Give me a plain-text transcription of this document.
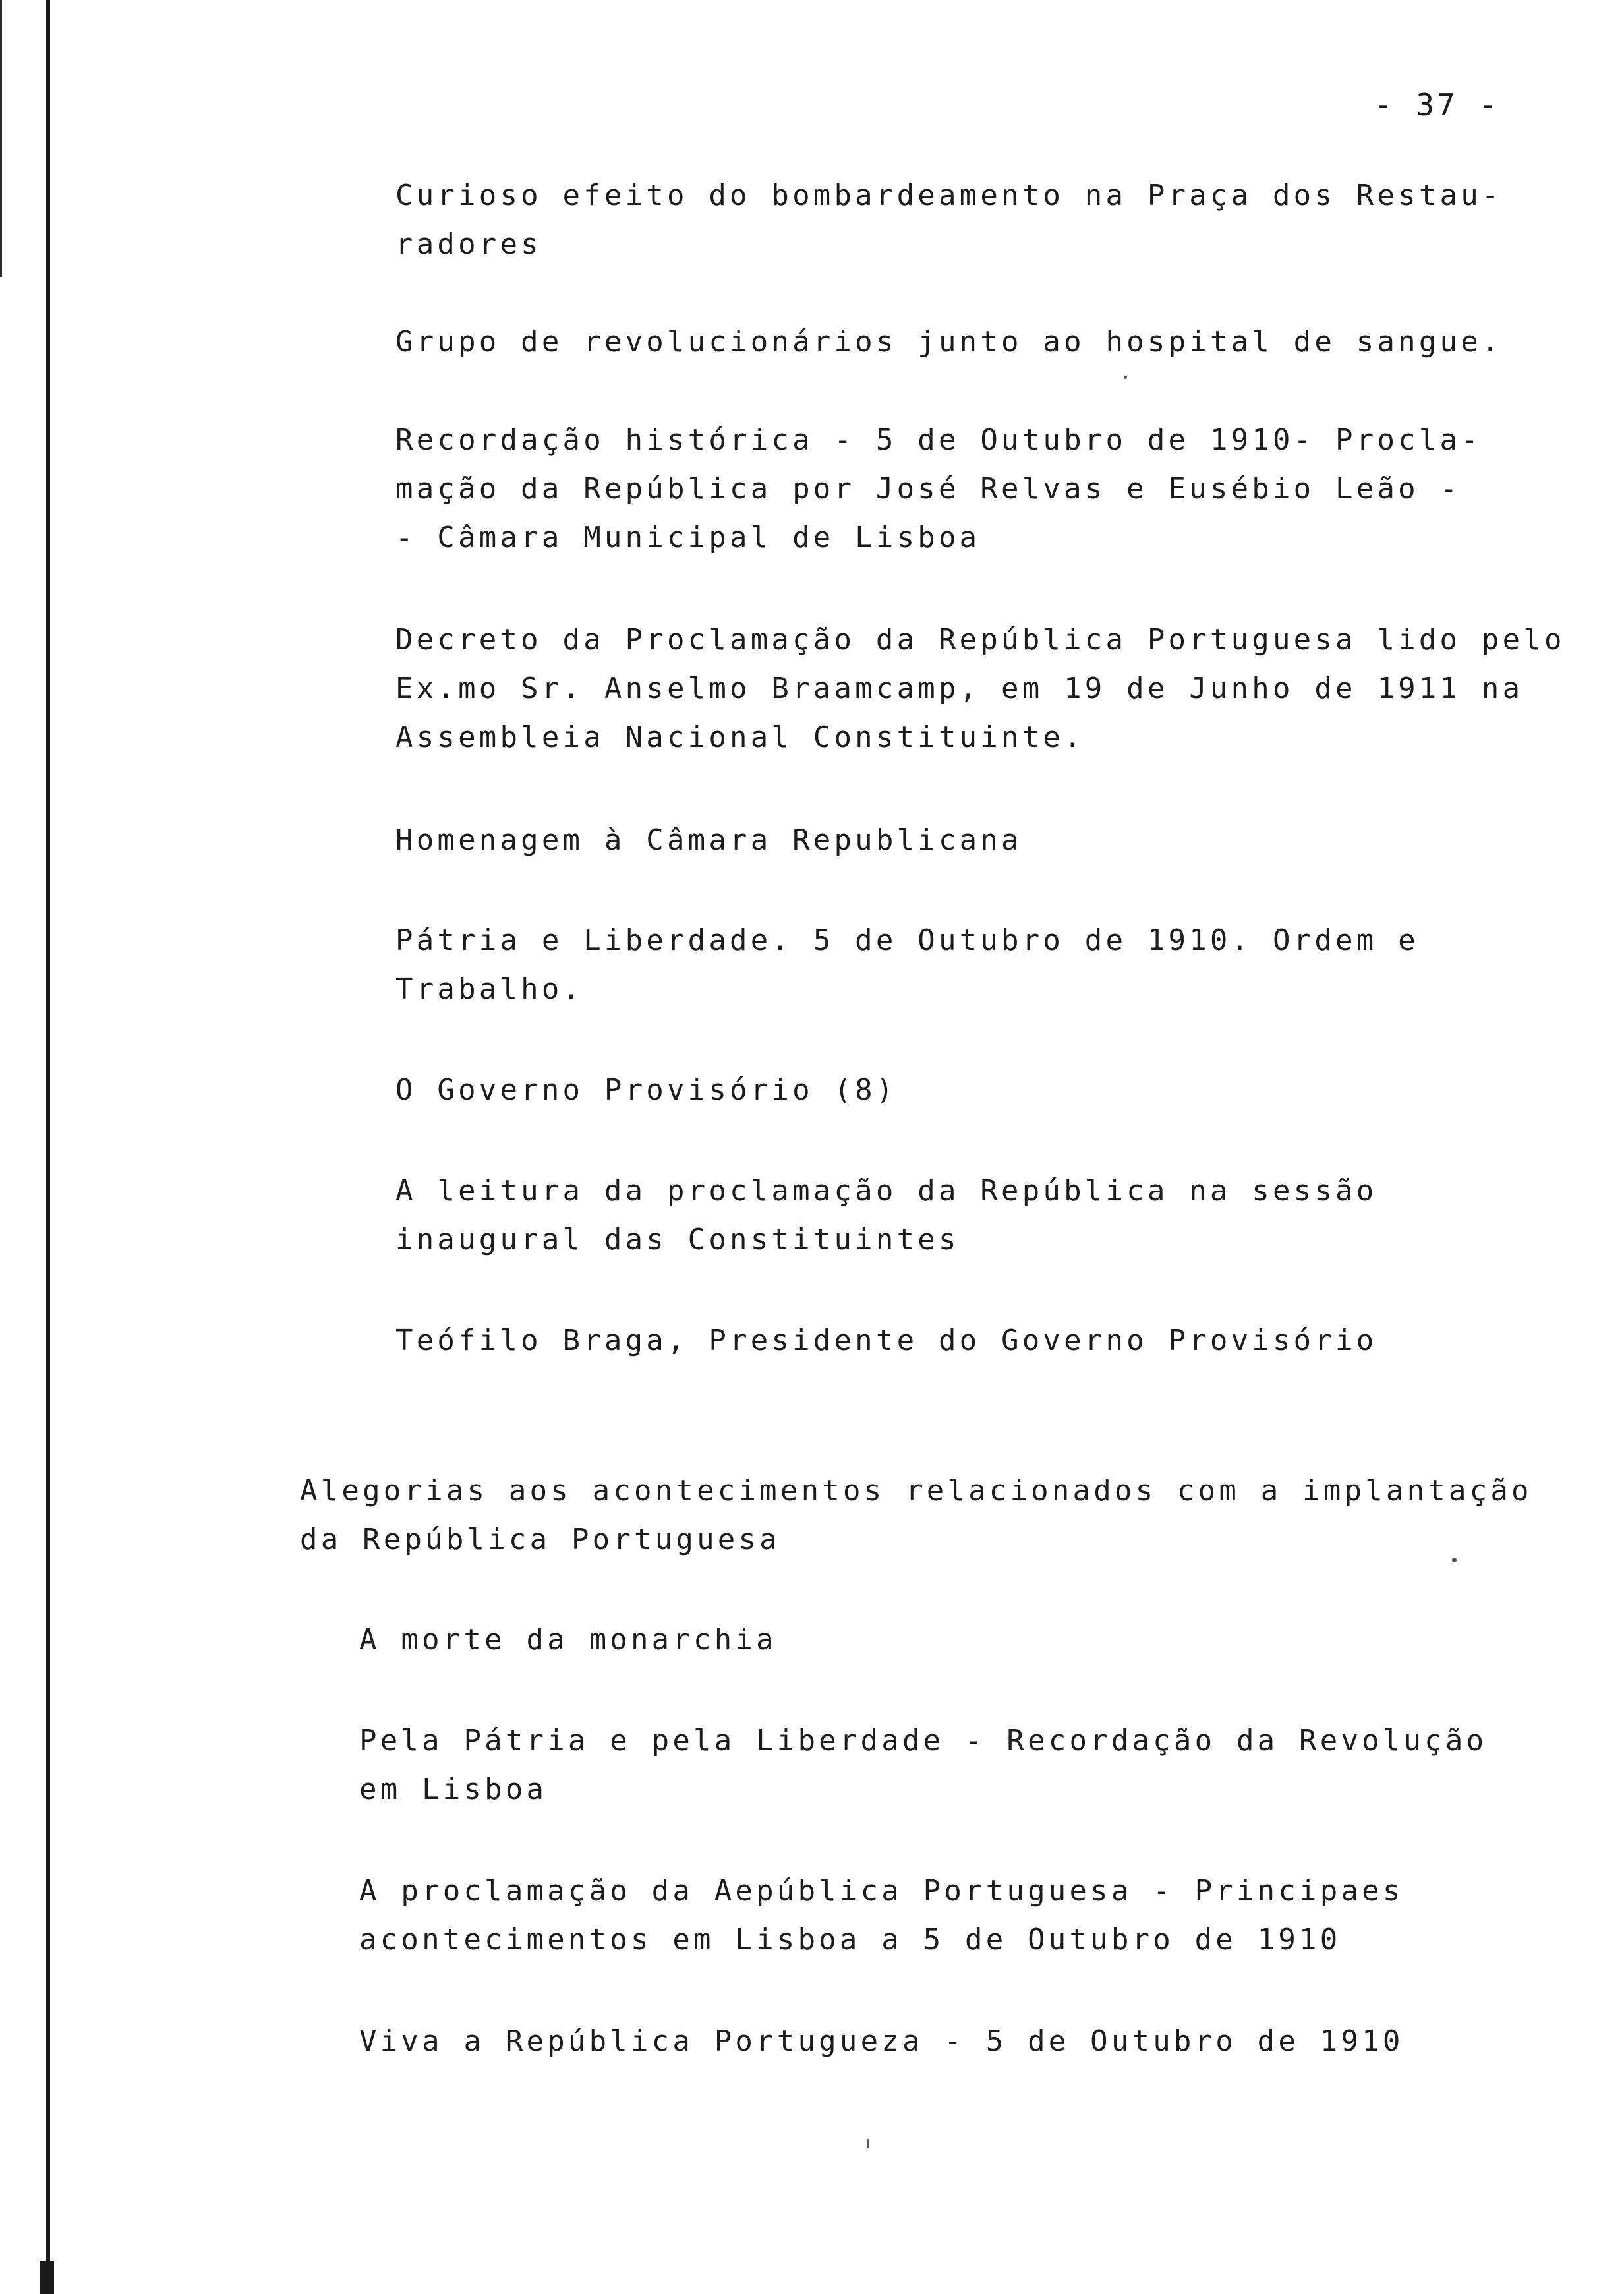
- 37 -

Curioso efeito do bombardeamento na Praça dos Restau-

radores

Grupo de revolucionários junto ao hospital de sangue.

Recordação histórica - 5 de Outubro de 1910- Procla-

mação da República por José Relvas e Eusébio Leão -

- Câmara Municipal de Lisboa

Decreto da Proclamação da República Portuguesa lido pelo

Ex.mo Sr. Anselmo Braamcamp, em 19 de Junho de 1911 na

Assembleia Nacional Constituinte.

Homenagem à Câmara Republicana

Pátria e Liberdade. 5 de Outubro de 1910. Ordem e

Trabalho.

O Governo Provisório (8)

A leitura da proclamação da República na sessão

inaugural das Constituintes

Teófilo Braga, Presidente do Governo Provisório

Alegorias aos acontecimentos relacionados com a implantação

da República Portuguesa

A morte da monarchia

Pela Pátria e pela Liberdade - Recordação da Revolução

em Lisboa

A proclamação da Aepública Portuguesa - Principaes

acontecimentos em Lisboa a 5 de Outubro de 1910

Viva a República Portugueza - 5 de Outubro de 1910
